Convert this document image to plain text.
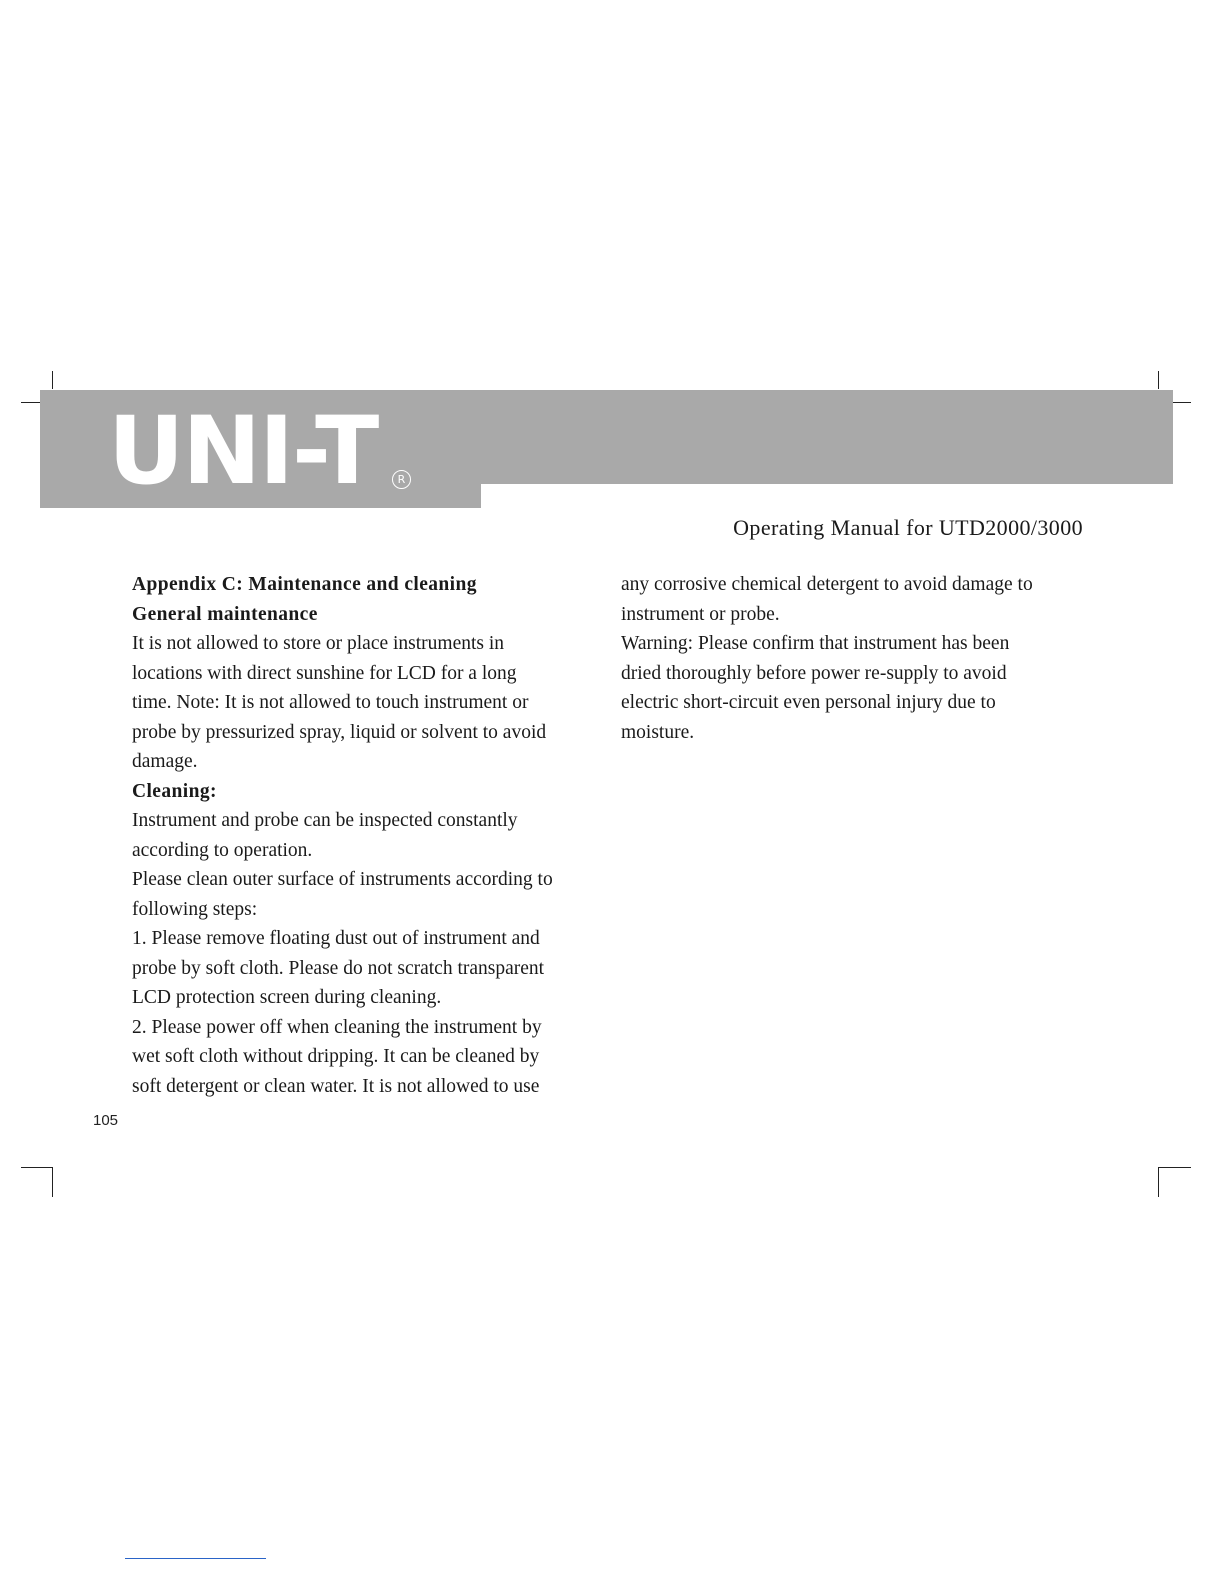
UNI-T	R
Operating Manual for UTD2000/3000
Appendix C: Maintenance and cleaning
General maintenance
It is not allowed to store or place instruments in
locations with direct sunshine for LCD for a long
time. Note: It is not allowed to touch instrument or
probe by pressurized spray, liquid or solvent to avoid
damage.
Cleaning:
Instrument and probe can be inspected constantly
according to operation.
Please clean outer surface of instruments according to
following steps:
1. Please remove floating dust out of instrument and
probe by soft cloth. Please do not scratch transparent
LCD protection screen during cleaning.
2. Please power off when cleaning the instrument by
wet soft cloth without dripping. It can be cleaned by
soft detergent or clean water. It is not allowed to use
any corrosive chemical detergent to avoid damage to
instrument or probe.
Warning: Please confirm that instrument has been
dried thoroughly before power re-supply to avoid
electric short-circuit even personal injury due to
moisture.
105
